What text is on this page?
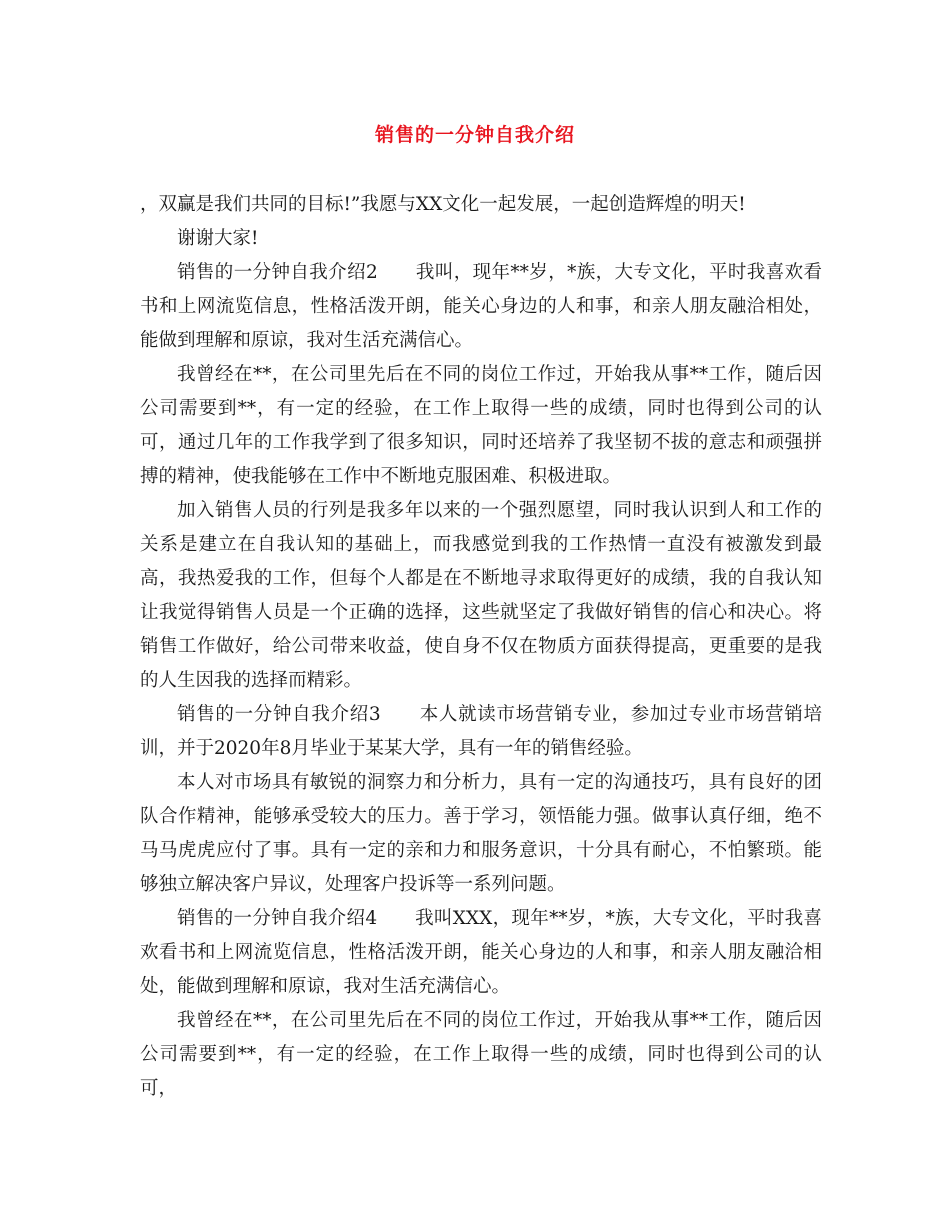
销售的一分钟自我介绍

，双赢是我们共同的目标!”我愿与XX文化一起发展，一起创造辉煌的明天!

谢谢大家!

销售的一分钟自我介绍2　　我叫，现年**岁，*族，大专文化，平时我喜欢看书和上网流览信息，性格活泼开朗，能关心身边的人和事，和亲人朋友融洽相处，能做到理解和原谅，我对生活充满信心。

我曾经在**，在公司里先后在不同的岗位工作过，开始我从事**工作，随后因公司需要到**，有一定的经验，在工作上取得一些的成绩，同时也得到公司的认可，通过几年的工作我学到了很多知识，同时还培养了我坚韧不拔的意志和顽强拼搏的精神，使我能够在工作中不断地克服困难、积极进取。

加入销售人员的行列是我多年以来的一个强烈愿望，同时我认识到人和工作的关系是建立在自我认知的基础上，而我感觉到我的工作热情一直没有被激发到最高，我热爱我的工作，但每个人都是在不断地寻求取得更好的成绩，我的自我认知让我觉得销售人员是一个正确的选择，这些就坚定了我做好销售的信心和决心。将销售工作做好，给公司带来收益，使自身不仅在物质方面获得提高，更重要的是我的人生因我的选择而精彩。

销售的一分钟自我介绍3　　本人就读市场营销专业，参加过专业市场营销培训，并于2020年8月毕业于某某大学，具有一年的销售经验。

本人对市场具有敏锐的洞察力和分析力，具有一定的沟通技巧，具有良好的团队合作精神，能够承受较大的压力。善于学习，领悟能力强。做事认真仔细，绝不马马虎虎应付了事。具有一定的亲和力和服务意识，十分具有耐心，不怕繁琐。能够独立解决客户异议，处理客户投诉等一系列问题。

销售的一分钟自我介绍4　　我叫XXX，现年**岁，*族，大专文化，平时我喜欢看书和上网流览信息，性格活泼开朗，能关心身边的人和事，和亲人朋友融洽相处，能做到理解和原谅，我对生活充满信心。

我曾经在**，在公司里先后在不同的岗位工作过，开始我从事**工作，随后因公司需要到**，有一定的经验，在工作上取得一些的成绩，同时也得到公司的认可，
